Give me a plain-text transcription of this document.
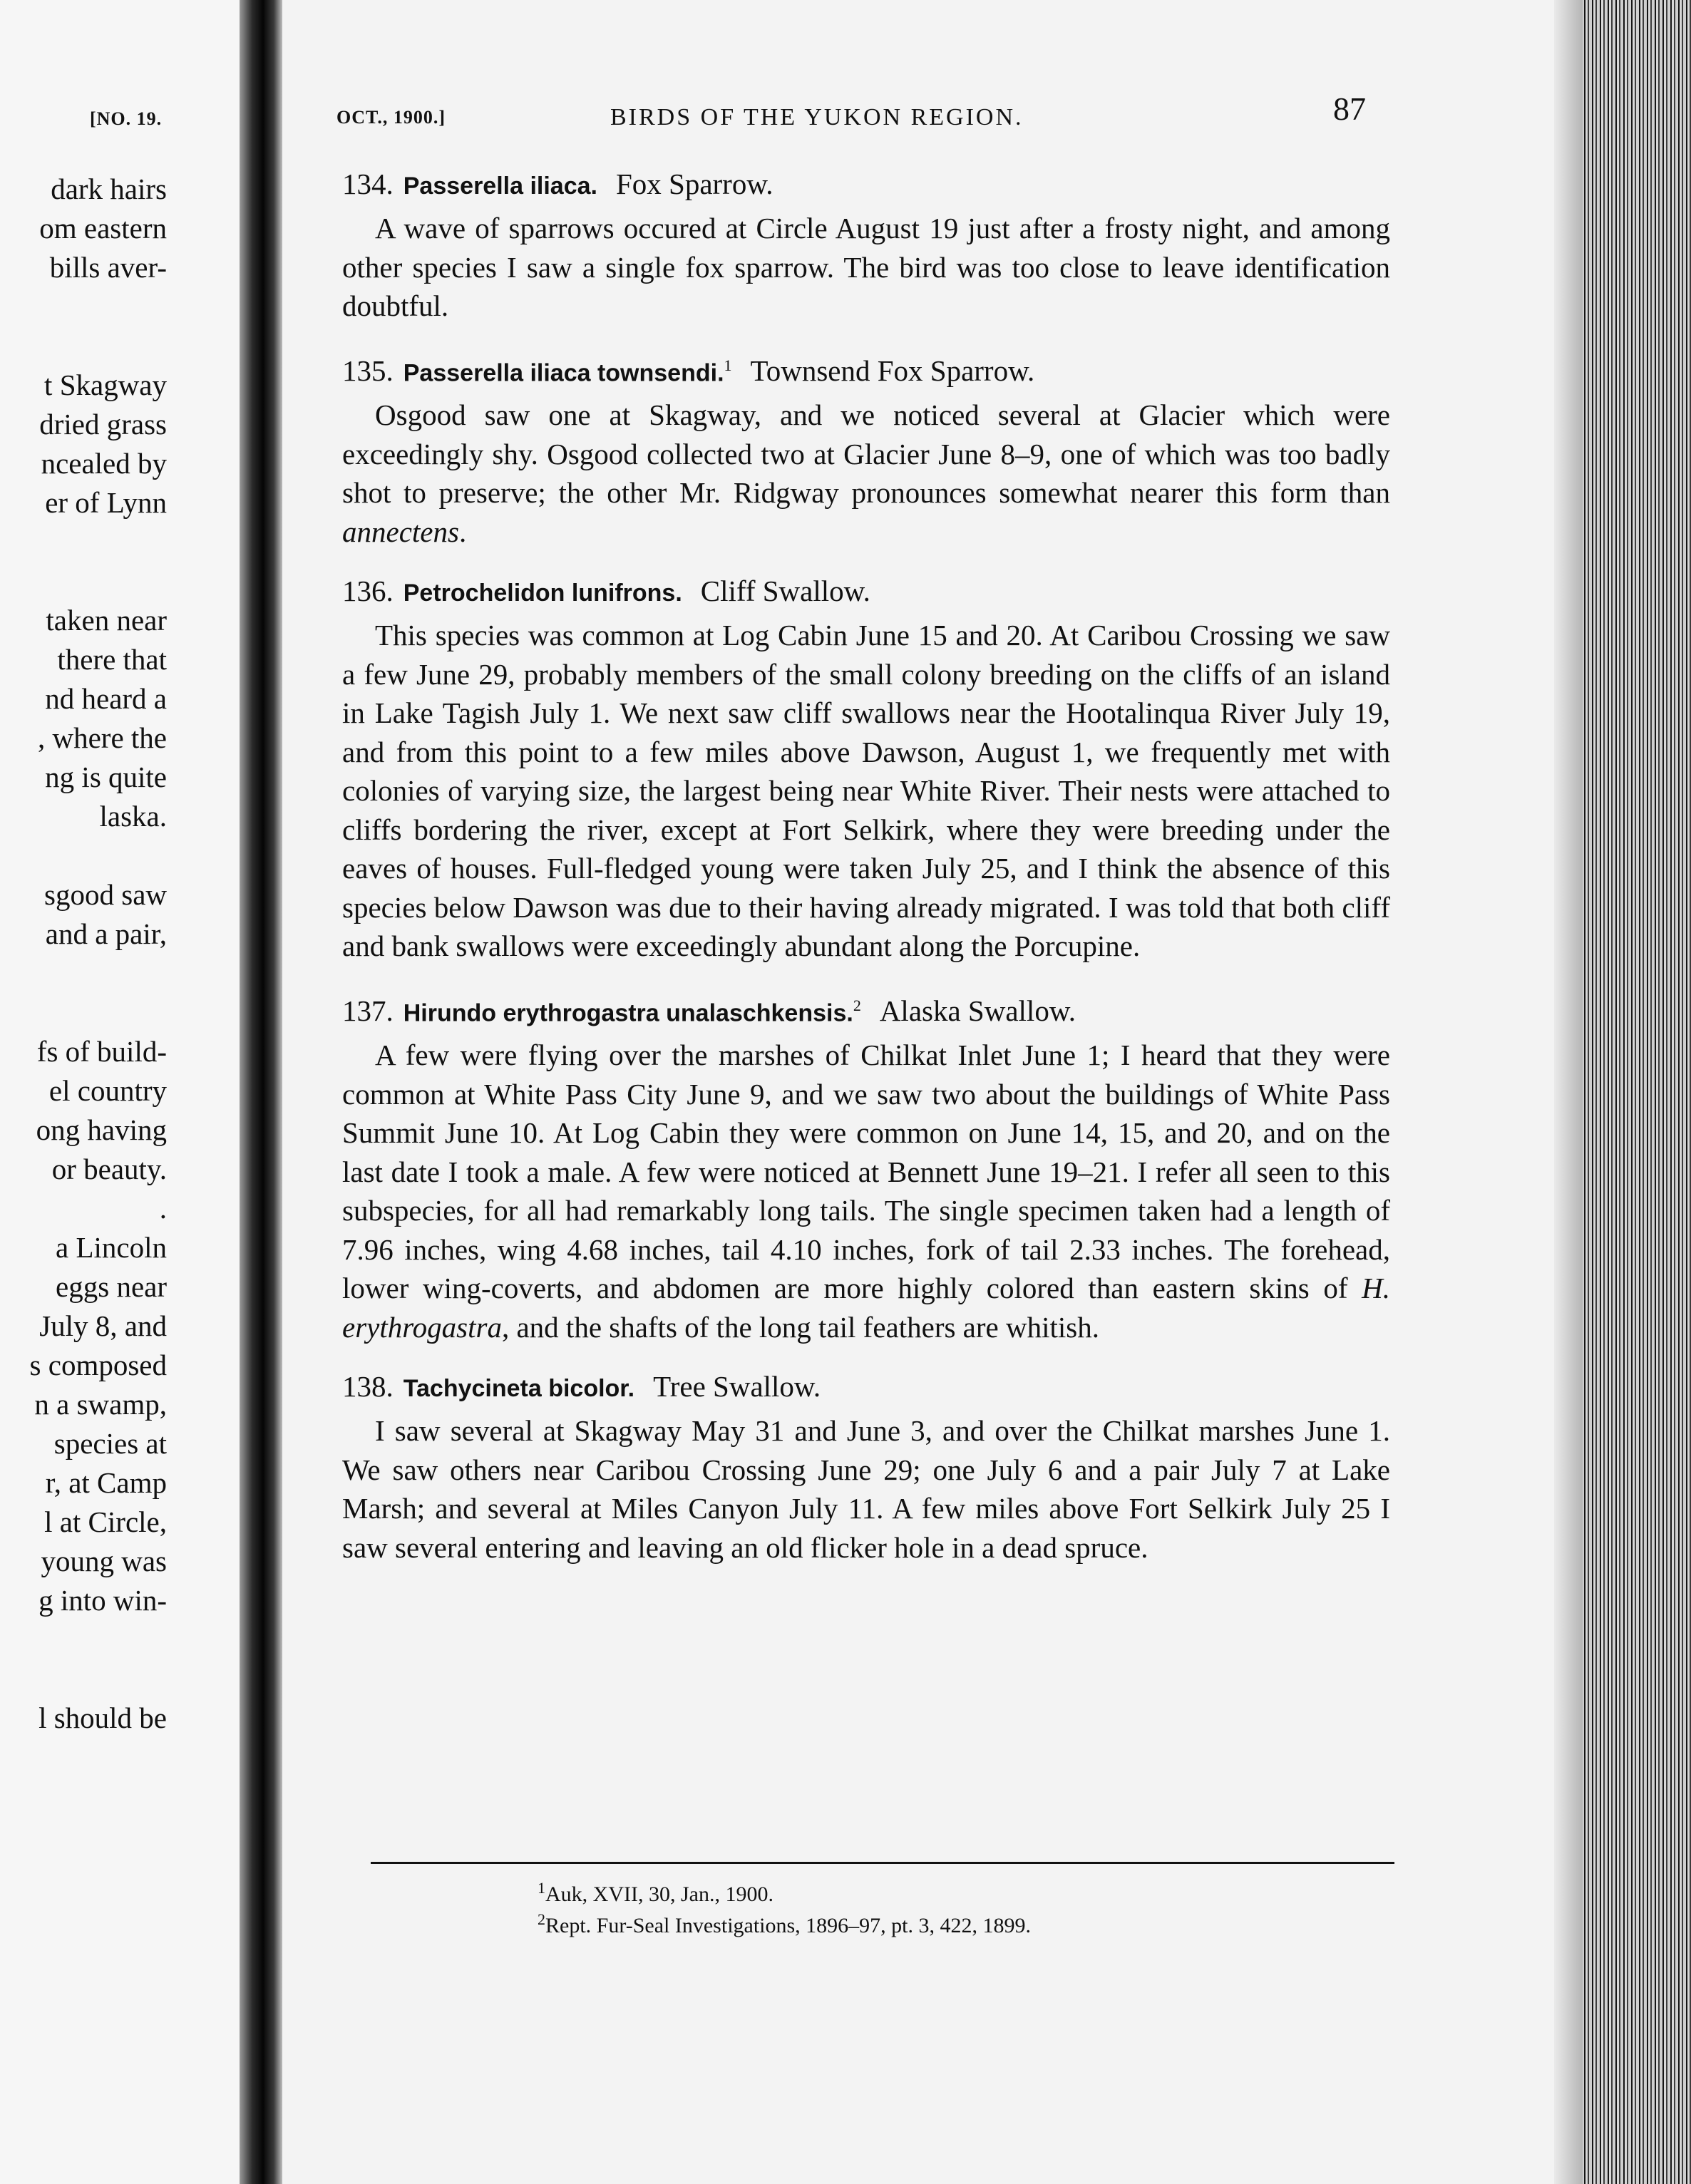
[NO. 19.
dark hairs
om eastern
bills aver-

t Skagway
dried grass
ncealed by
er of Lynn

taken near
there that
nd heard a
, where the
ng is quite
laska.

sgood saw
and a pair,

fs of build-
el country
ong having
or beauty.
.
a Lincoln
eggs near
July 8, and
s composed
n a swamp,
species at
r, at Camp
l at Circle,
young was
g into win-

l should be
OCT., 1900.]	BIRDS OF THE YUKON REGION.	87
134. Passerella iliaca. Fox Sparrow.
A wave of sparrows occured at Circle August 19 just after a frosty night, and among other species I saw a single fox sparrow. The bird was too close to leave identification doubtful.
135. Passerella iliaca townsendi.$^1$ Townsend Fox Sparrow.
Osgood saw one at Skagway, and we noticed several at Glacier which were exceedingly shy. Osgood collected two at Glacier June 8–9, one of which was too badly shot to preserve; the other Mr. Ridgway pronounces somewhat nearer this form than annectens.
136. Petrochelidon lunifrons. Cliff Swallow.
This species was common at Log Cabin June 15 and 20. At Caribou Crossing we saw a few June 29, probably members of the small colony breeding on the cliffs of an island in Lake Tagish July 1. We next saw cliff swallows near the Hootalinqua River July 19, and from this point to a few miles above Dawson, August 1, we frequently met with colonies of varying size, the largest being near White River. Their nests were attached to cliffs bordering the river, except at Fort Selkirk, where they were breeding under the eaves of houses. Full-fledged young were taken July 25, and I think the absence of this species below Dawson was due to their having already migrated. I was told that both cliff and bank swallows were exceedingly abundant along the Porcupine.
137. Hirundo erythrogastra unalaschkensis.$^2$ Alaska Swallow.
A few were flying over the marshes of Chilkat Inlet June 1; I heard that they were common at White Pass City June 9, and we saw two about the buildings of White Pass Summit June 10. At Log Cabin they were common on June 14, 15, and 20, and on the last date I took a male. A few were noticed at Bennett June 19–21. I refer all seen to this subspecies, for all had remarkably long tails. The single specimen taken had a length of 7.96 inches, wing 4.68 inches, tail 4.10 inches, fork of tail 2.33 inches. The forehead, lower wing-coverts, and abdomen are more highly colored than eastern skins of H. erythrogastra, and the shafts of the long tail feathers are whitish.
138. Tachycineta bicolor. Tree Swallow.
I saw several at Skagway May 31 and June 3, and over the Chilkat marshes June 1. We saw others near Caribou Crossing June 29; one July 6 and a pair July 7 at Lake Marsh; and several at Miles Canyon July 11. A few miles above Fort Selkirk July 25 I saw several entering and leaving an old flicker hole in a dead spruce.
$^1$Auk, XVII, 30, Jan., 1900.
$^2$Rept. Fur-Seal Investigations, 1896–97, pt. 3, 422, 1899.
